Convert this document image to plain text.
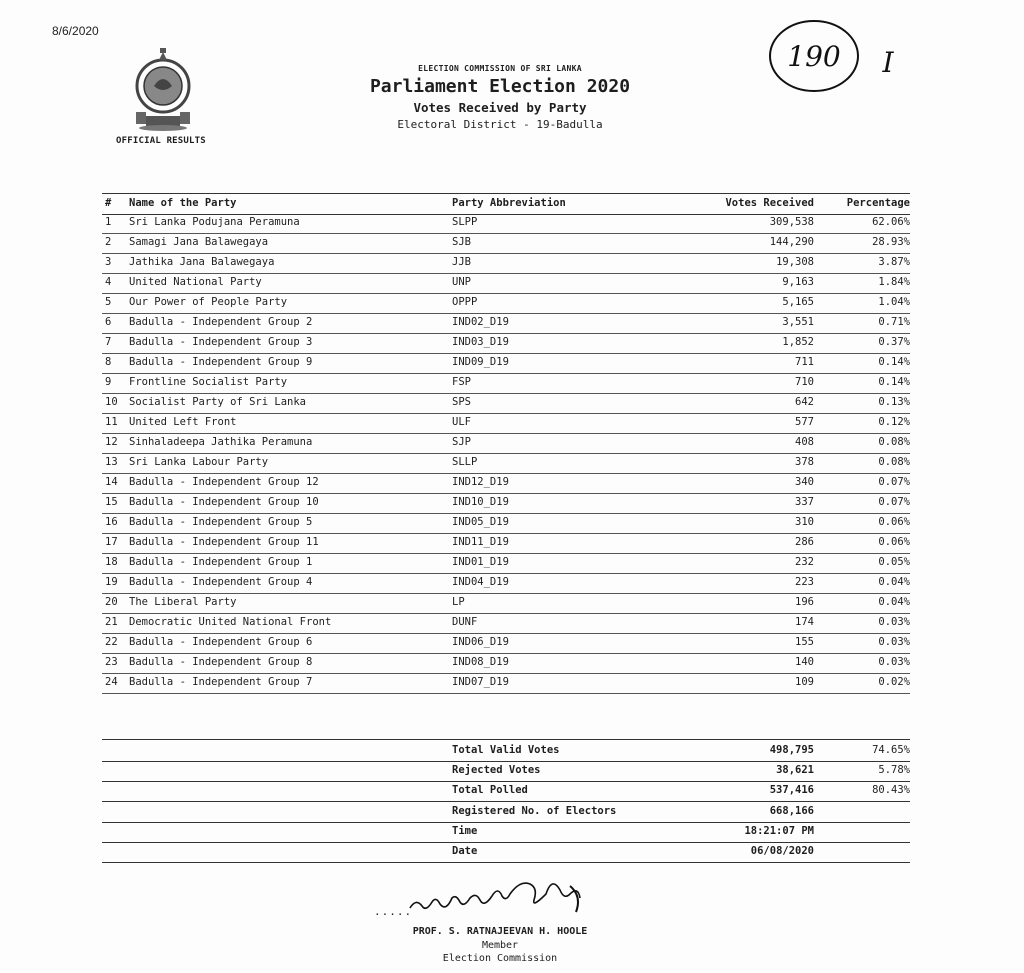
8/6/2020
OFFICIAL RESULTS
ELECTION COMMISSION OF SRI LANKA
Parliament Election 2020
Votes Received by Party
Electoral District - 19-Badulla
190 I
# Name of the Party	Party Abbreviation	Votes Received	Percentage
1 Sri Lanka Podujana Peramuna	SLPP	309,538	62.06%
2 Samagi Jana Balawegaya	SJB	144,290	28.93%
3 Jathika Jana Balawegaya	JJB	19,308	3.87%
4 United National Party	UNP	9,163	1.84%
5 Our Power of People Party	OPPP	5,165	1.04%
6 Badulla - Independent Group 2	IND02_D19	3,551	0.71%
7 Badulla - Independent Group 3	IND03_D19	1,852	0.37%
8 Badulla - Independent Group 9	IND09_D19	711	0.14%
9 Frontline Socialist Party	FSP	710	0.14%
10 Socialist Party of Sri Lanka	SPS	642	0.13%
11 United Left Front	ULF	577	0.12%
12 Sinhaladeepa Jathika Peramuna	SJP	408	0.08%
13 Sri Lanka Labour Party	SLLP	378	0.08%
14 Badulla - Independent Group 12	IND12_D19	340	0.07%
15 Badulla - Independent Group 10	IND10_D19	337	0.07%
16 Badulla - Independent Group 5	IND05_D19	310	0.06%
17 Badulla - Independent Group 11	IND11_D19	286	0.06%
18 Badulla - Independent Group 1	IND01_D19	232	0.05%
19 Badulla - Independent Group 4	IND04_D19	223	0.04%
20 The Liberal Party	LP	196	0.04%
21 Democratic United National Front	DUNF	174	0.03%
22 Badulla - Independent Group 6	IND06_D19	155	0.03%
23 Badulla - Independent Group 8	IND08_D19	140	0.03%
24 Badulla - Independent Group 7	IND07_D19	109	0.02%
Total Valid Votes	498,795	74.65%
Rejected Votes	38,621	5.78%
Total Polled	537,416	80.43%
Registered No. of Electors	668,166
Time	18:21:07 PM
Date	06/08/2020
.....
PROF. S. RATNAJEEVAN H. HOOLE
Member
Election Commission
